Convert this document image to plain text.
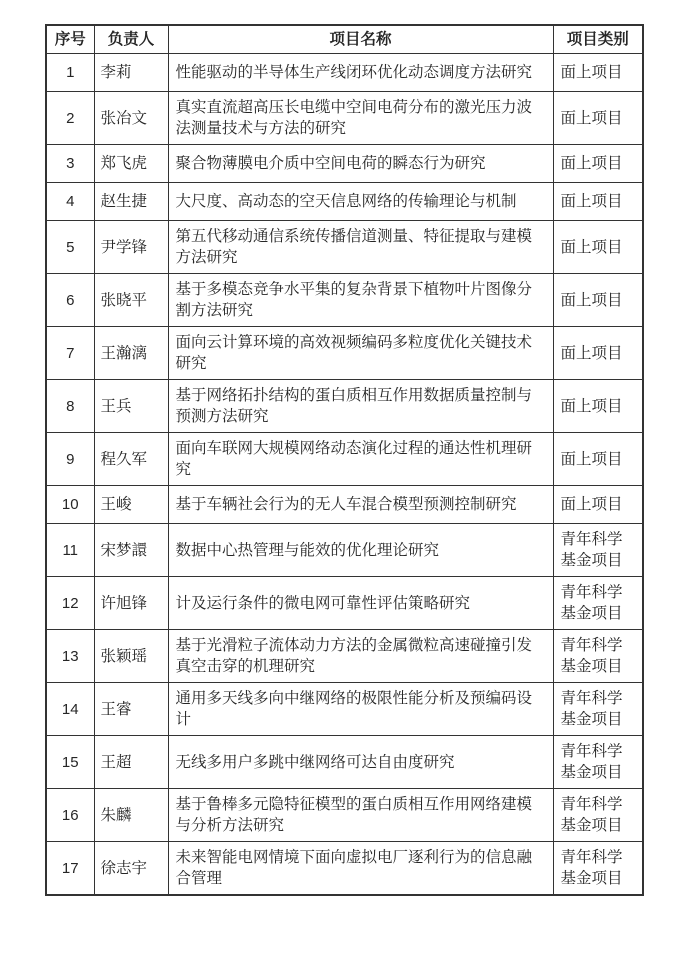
序号	负责人	项目名称	项目类别
1	李莉	性能驱动的半导体生产线闭环优化动态调度方法研究	面上项目
2	张冶文	真实直流超高压长电缆中空间电荷分布的激光压力波法测量技术与方法的研究	面上项目
3	郑飞虎	聚合物薄膜电介质中空间电荷的瞬态行为研究	面上项目
4	赵生捷	大尺度、高动态的空天信息网络的传输理论与机制	面上项目
5	尹学锋	第五代移动通信系统传播信道测量、特征提取与建模方法研究	面上项目
6	张晓平	基于多模态竞争水平集的复杂背景下植物叶片图像分割方法研究	面上项目
7	王瀚漓	面向云计算环境的高效视频编码多粒度优化关键技术研究	面上项目
8	王兵	基于网络拓扑结构的蛋白质相互作用数据质量控制与预测方法研究	面上项目
9	程久军	面向车联网大规模网络动态演化过程的通达性机理研究	面上项目
10	王峻	基于车辆社会行为的无人车混合模型预测控制研究	面上项目
11	宋梦譞	数据中心热管理与能效的优化理论研究	青年科学基金项目
12	许旭锋	计及运行条件的微电网可靠性评估策略研究	青年科学基金项目
13	张颖瑶	基于光滑粒子流体动力方法的金属微粒高速碰撞引发真空击穿的机理研究	青年科学基金项目
14	王睿	通用多天线多向中继网络的极限性能分析及预编码设计	青年科学基金项目
15	王超	无线多用户多跳中继网络可达自由度研究	青年科学基金项目
16	朱麟	基于鲁棒多元隐特征模型的蛋白质相互作用网络建模与分析方法研究	青年科学基金项目
17	徐志宇	未来智能电网情境下面向虚拟电厂逐利行为的信息融合管理	青年科学基金项目
